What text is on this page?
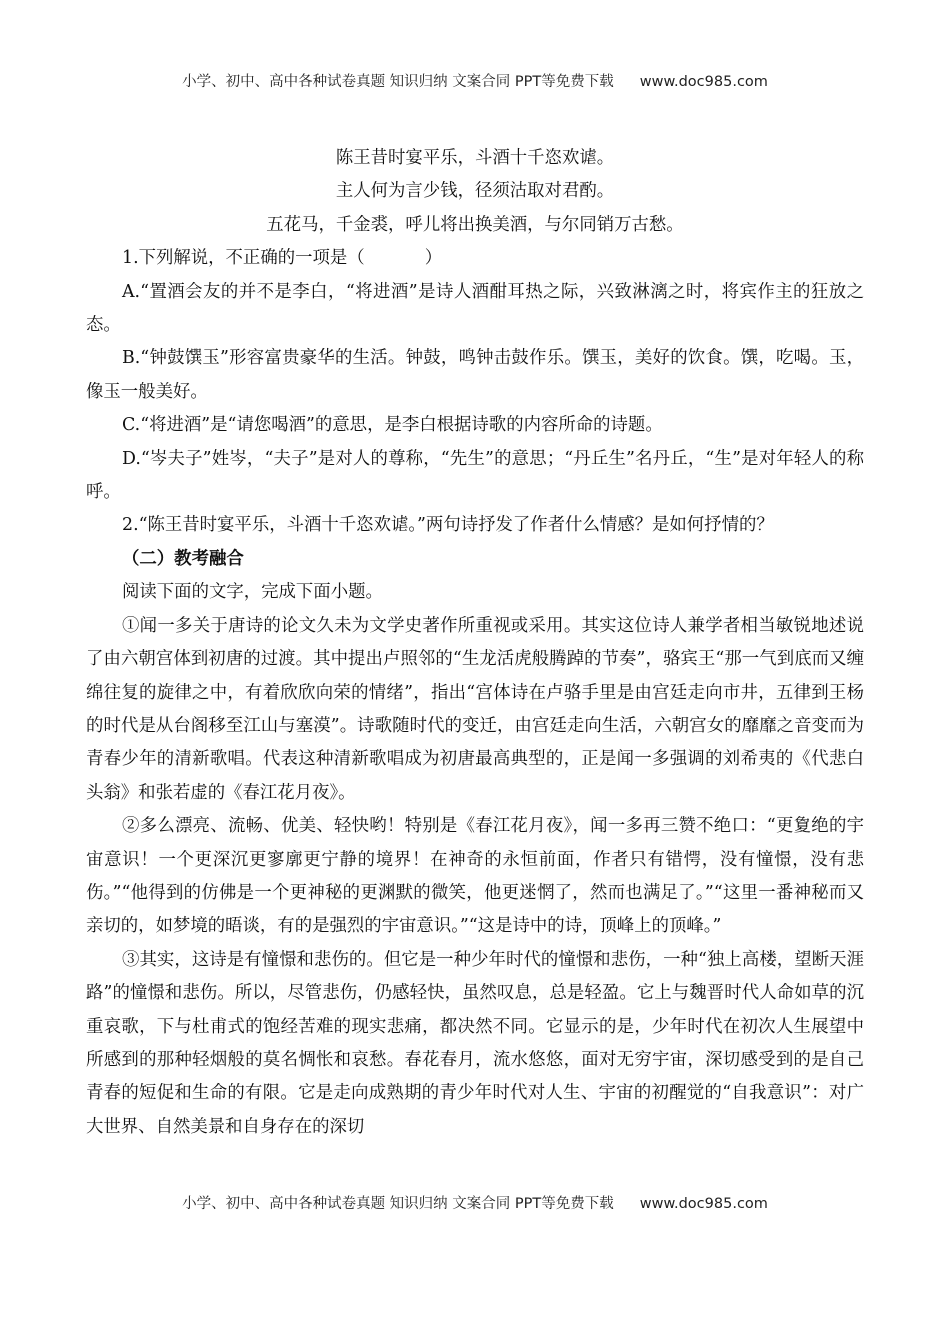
小学、初中、高中各种试卷真题 知识归纳 文案合同 PPT等免费下载 www.doc985.com

陈王昔时宴平乐，斗酒十千恣欢谑。

主人何为言少钱，径须沽取对君酌。

五花马，千金裘，呼儿将出换美酒，与尔同销万古愁。

1.下列解说，不正确的一项是（	）

A.“置酒会友的并不是李白，“将进酒”是诗人酒酣耳热之际，兴致淋漓之时，将宾作主的狂放之态。

B.“钟鼓馔玉”形容富贵豪华的生活。钟鼓，鸣钟击鼓作乐。馔玉，美好的饮食。馔，吃喝。玉，像玉一般美好。

C.“将进酒”是“请您喝酒”的意思，是李白根据诗歌的内容所命的诗题。

D.“岑夫子”姓岑，“夫子”是对人的尊称，“先生”的意思；“丹丘生”名丹丘，“生”是对年轻人的称呼。

2.“陈王昔时宴平乐，斗酒十千恣欢谑。”两句诗抒发了作者什么情感？是如何抒情的？

（二）教考融合

阅读下面的文字，完成下面小题。

①闻一多关于唐诗的论文久未为文学史著作所重视或采用。其实这位诗人兼学者相当敏锐地述说了由六朝宫体到初唐的过渡。其中提出卢照邻的“生龙活虎般腾踔的节奏”，骆宾王“那一气到底而又缠绵往复的旋律之中，有着欣欣向荣的情绪”，指出“宫体诗在卢骆手里是由宫廷走向市井，五律到王杨的时代是从台阁移至江山与塞漠”。诗歌随时代的变迁，由宫廷走向生活，六朝宫女的靡靡之音变而为青春少年的清新歌唱。代表这种清新歌唱成为初唐最高典型的，正是闻一多强调的刘希夷的《代悲白头翁》和张若虚的《春江花月夜》。

②多么漂亮、流畅、优美、轻快哟！特别是《春江花月夜》，闻一多再三赞不绝口：“更夐绝的宇宙意识！一个更深沉更寥廓更宁静的境界！在神奇的永恒前面，作者只有错愕，没有憧憬，没有悲伤。”“他得到的仿佛是一个更神秘的更渊默的微笑，他更迷惘了，然而也满足了。”“这里一番神秘而又亲切的，如梦境的晤谈，有的是强烈的宇宙意识。”“这是诗中的诗，顶峰上的顶峰。”

③其实，这诗是有憧憬和悲伤的。但它是一种少年时代的憧憬和悲伤，一种“独上高楼，望断天涯路”的憧憬和悲伤。所以，尽管悲伤，仍感轻快，虽然叹息，总是轻盈。它上与魏晋时代人命如草的沉重哀歌，下与杜甫式的饱经苦难的现实悲痛，都决然不同。它显示的是，少年时代在初次人生展望中所感到的那种轻烟般的莫名惆怅和哀愁。春花春月，流水悠悠，面对无穷宇宙，深切感受到的是自己青春的短促和生命的有限。它是走向成熟期的青少年时代对人生、宇宙的初醒觉的“自我意识”：对广大世界、自然美景和自身存在的深切

小学、初中、高中各种试卷真题 知识归纳 文案合同 PPT等免费下载 www.doc985.com
